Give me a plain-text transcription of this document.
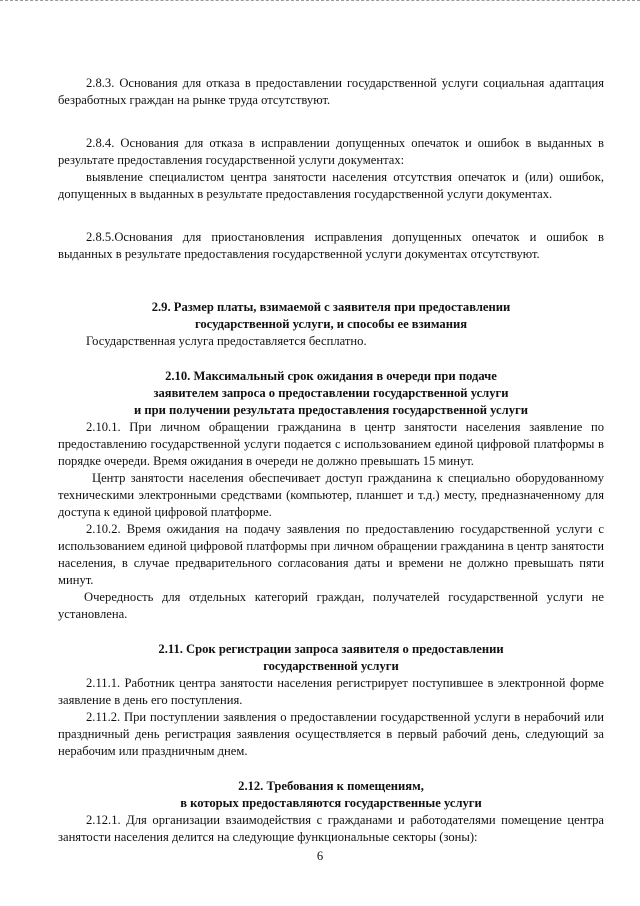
2.8.3. Основания для отказа в предоставлении государственной услуги социальная адаптация безработных граждан на рынке труда отсутствуют.

2.8.4. Основания для отказа в исправлении допущенных опечаток и ошибок в выданных в результате предоставления государственной услуги документах:

выявление специалистом центра занятости населения отсутствия опечаток и (или) ошибок, допущенных в выданных в результате предоставления государственной услуги документах.

2.8.5.Основания для приостановления исправления допущенных опечаток и ошибок в выданных в результате предоставления государственной услуги документах отсутствуют.

2.9. Размер платы, взимаемой с заявителя при предоставлении
государственной услуги, и способы ее взимания

Государственная услуга предоставляется бесплатно.

2.10. Максимальный срок ожидания в очереди при подаче
заявителем запроса о предоставлении государственной услуги
и при получении результата предоставления государственной услуги

2.10.1. При личном обращении гражданина в центр занятости населения заявление по предоставлению государственной услуги подается с использованием единой цифровой платформы в порядке очереди. Время ожидания в очереди не должно превышать 15 минут.

Центр занятости населения обеспечивает доступ гражданина к специально оборудованному техническими электронными средствами (компьютер, планшет и т.д.) месту, предназначенному для доступа к единой цифровой платформе.

2.10.2. Время ожидания на подачу заявления по предоставлению государственной услуги с использованием единой цифровой платформы при личном обращении гражданина в центр занятости населения, в случае предварительного согласования даты и времени не должно превышать пяти минут.

Очередность для отдельных категорий граждан, получателей государственной услуги не установлена.

2.11. Срок регистрации запроса заявителя о предоставлении
государственной услуги

2.11.1. Работник центра занятости населения регистрирует поступившее в электронной форме заявление в день его поступления.

2.11.2. При поступлении заявления о предоставлении государственной услуги в нерабочий или праздничный день регистрация заявления осуществляется в первый рабочий день, следующий за нерабочим или праздничным днем.

2.12. Требования к помещениям,
в которых предоставляются государственные услуги

2.12.1. Для организации взаимодействия с гражданами и работодателями помещение центра занятости населения делится на следующие функциональные секторы (зоны):

6
